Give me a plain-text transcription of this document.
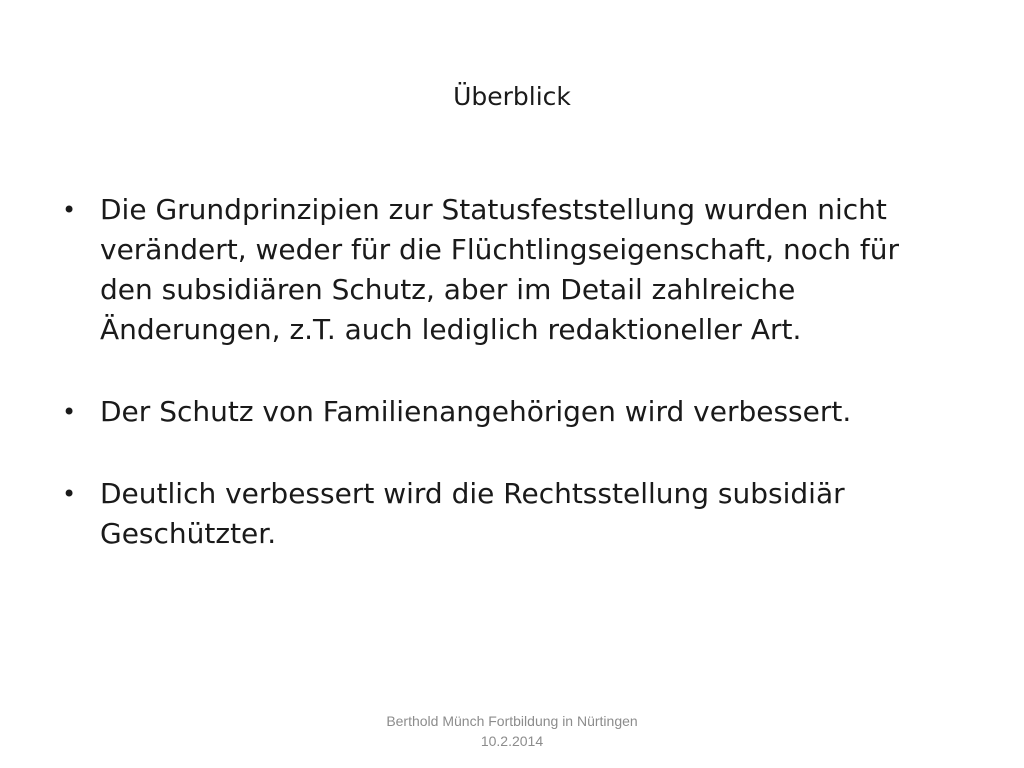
Überblick
• Die Grundprinzipien zur Statusfeststellung wurden nicht verändert, weder für die Flüchtlingseigenschaft, noch für den subsidiären Schutz, aber im Detail zahlreiche Änderungen, z.T. auch lediglich redaktioneller Art.
• Der Schutz von Familienangehörigen wird verbessert.
• Deutlich verbessert wird die Rechtsstellung subsidiär Geschützter.
Berthold Münch Fortbildung in Nürtingen
10.2.2014
